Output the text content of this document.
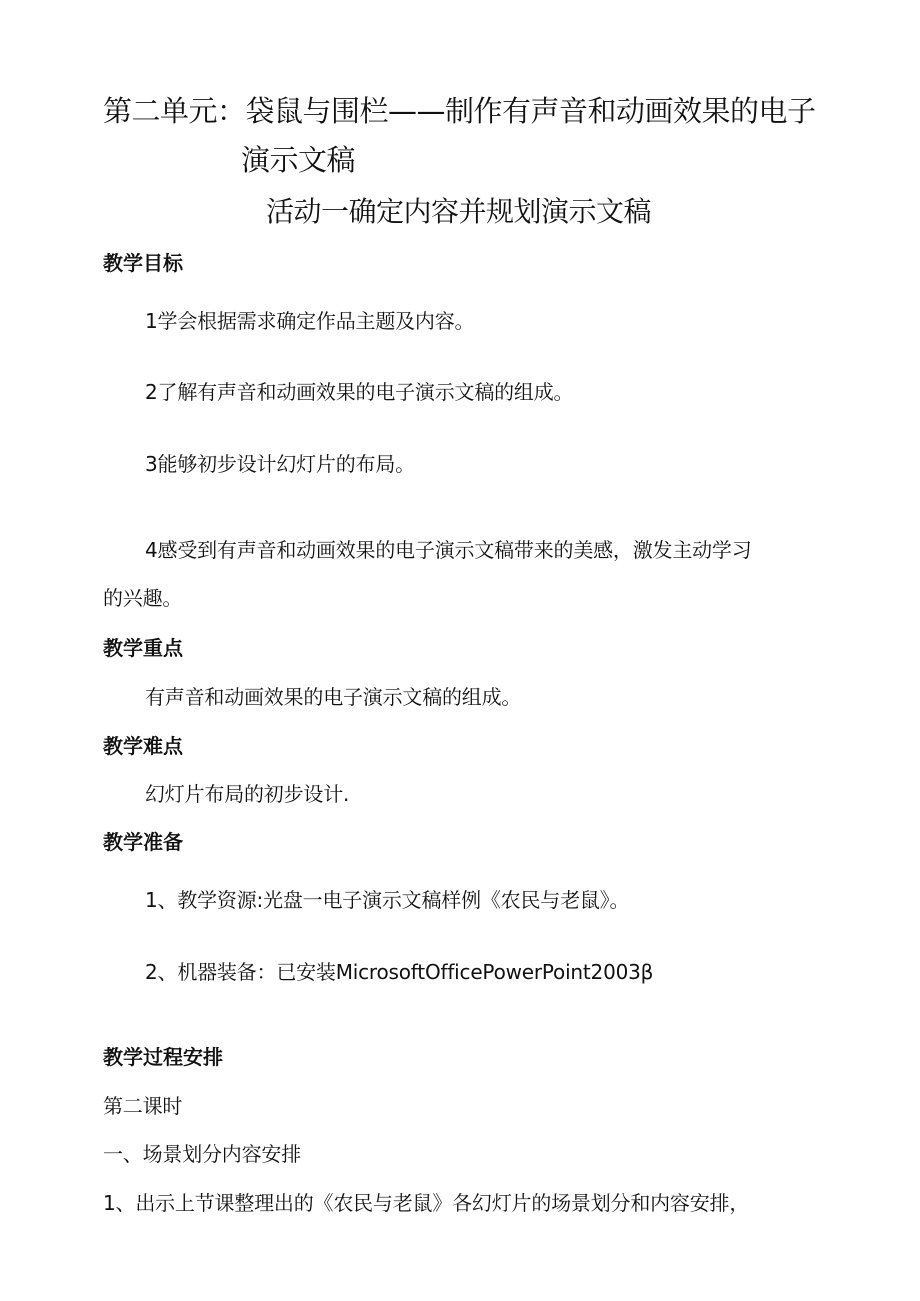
第二单元：袋鼠与围栏——制作有声音和动画效果的电子
演示文稿
活动一确定内容并规划演示文稿
教学目标
1学会根据需求确定作品主题及内容。
2了解有声音和动画效果的电子演示文稿的组成。
3能够初步设计幻灯片的布局。
4感受到有声音和动画效果的电子演示文稿带来的美感，激发主动学习
的兴趣。
教学重点
有声音和动画效果的电子演示文稿的组成。
教学难点
幻灯片布局的初步设计.
教学准备
1、教学资源:光盘一电子演示文稿样例《农民与老鼠》。
2、机器装备：已安装MicrosoftOfficePowerPoint2003β
教学过程安排
第二课时
一、场景划分内容安排
1、出示上节课整理出的《农民与老鼠》各幻灯片的场景划分和内容安排，
